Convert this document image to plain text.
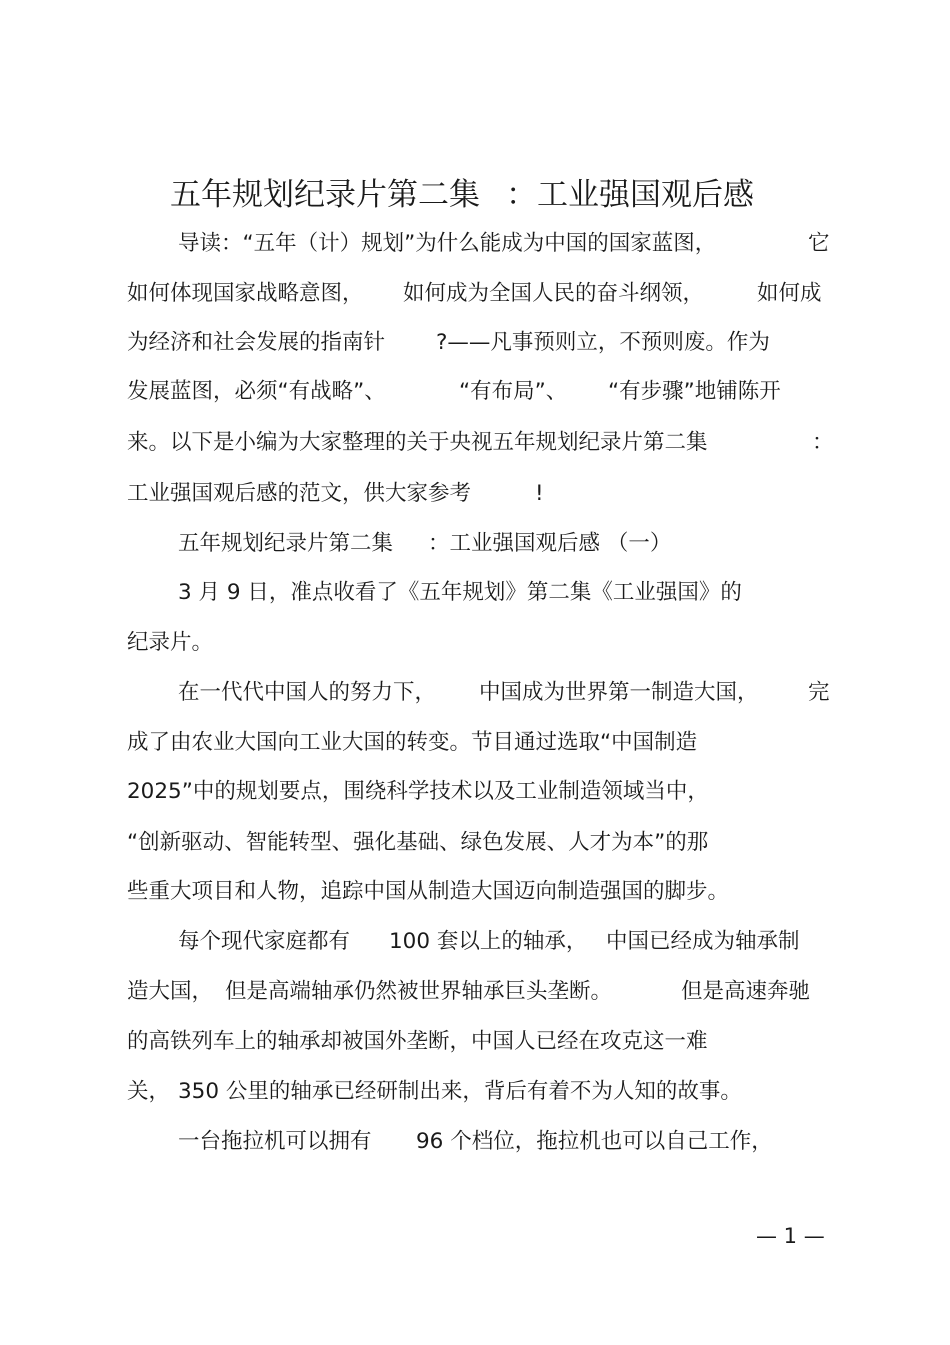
五年规划纪录片第二集 ：工业强国观后感
导读：“五年（计）规划”为什么能成为中国的国家蓝图，	它
如何体现国家战略意图， 如何成为全国人民的奋斗纲领， 如何成
为经济和社会发展的指南针 ?——凡事预则立，不预则废。作为
发展蓝图，必须“有战略”、	“有布局”、 “有步骤”地铺陈开
来。以下是小编为大家整理的关于央视五年规划纪录片第二集	：
工业强国观后感的范文，供大家参考	!
五年规划纪录片第二集 ：工业强国观后感 （一）
3 月 9 日，准点收看了《五年规划》第二集《工业强国》的
纪录片。
在一代代中国人的努力下， 中国成为世界第一制造大国， 完
成了由农业大国向工业大国的转变。节目通过选取“中国制造
2025”中的规划要点，围绕科学技术以及工业制造领域当中，
“创新驱动、智能转型、强化基础、绿色发展、人才为本”的那
些重大项目和人物，追踪中国从制造大国迈向制造强国的脚步。
每个现代家庭都有 100 套以上的轴承， 中国已经成为轴承制
造大国， 但是高端轴承仍然被世界轴承巨头垄断。	但是高速奔驰
的高铁列车上的轴承却被国外垄断，中国人已经在攻克这一难
关， 350 公里的轴承已经研制出来，背后有着不为人知的故事。
一台拖拉机可以拥有 96 个档位，拖拉机也可以自己工作，
— 1 —
